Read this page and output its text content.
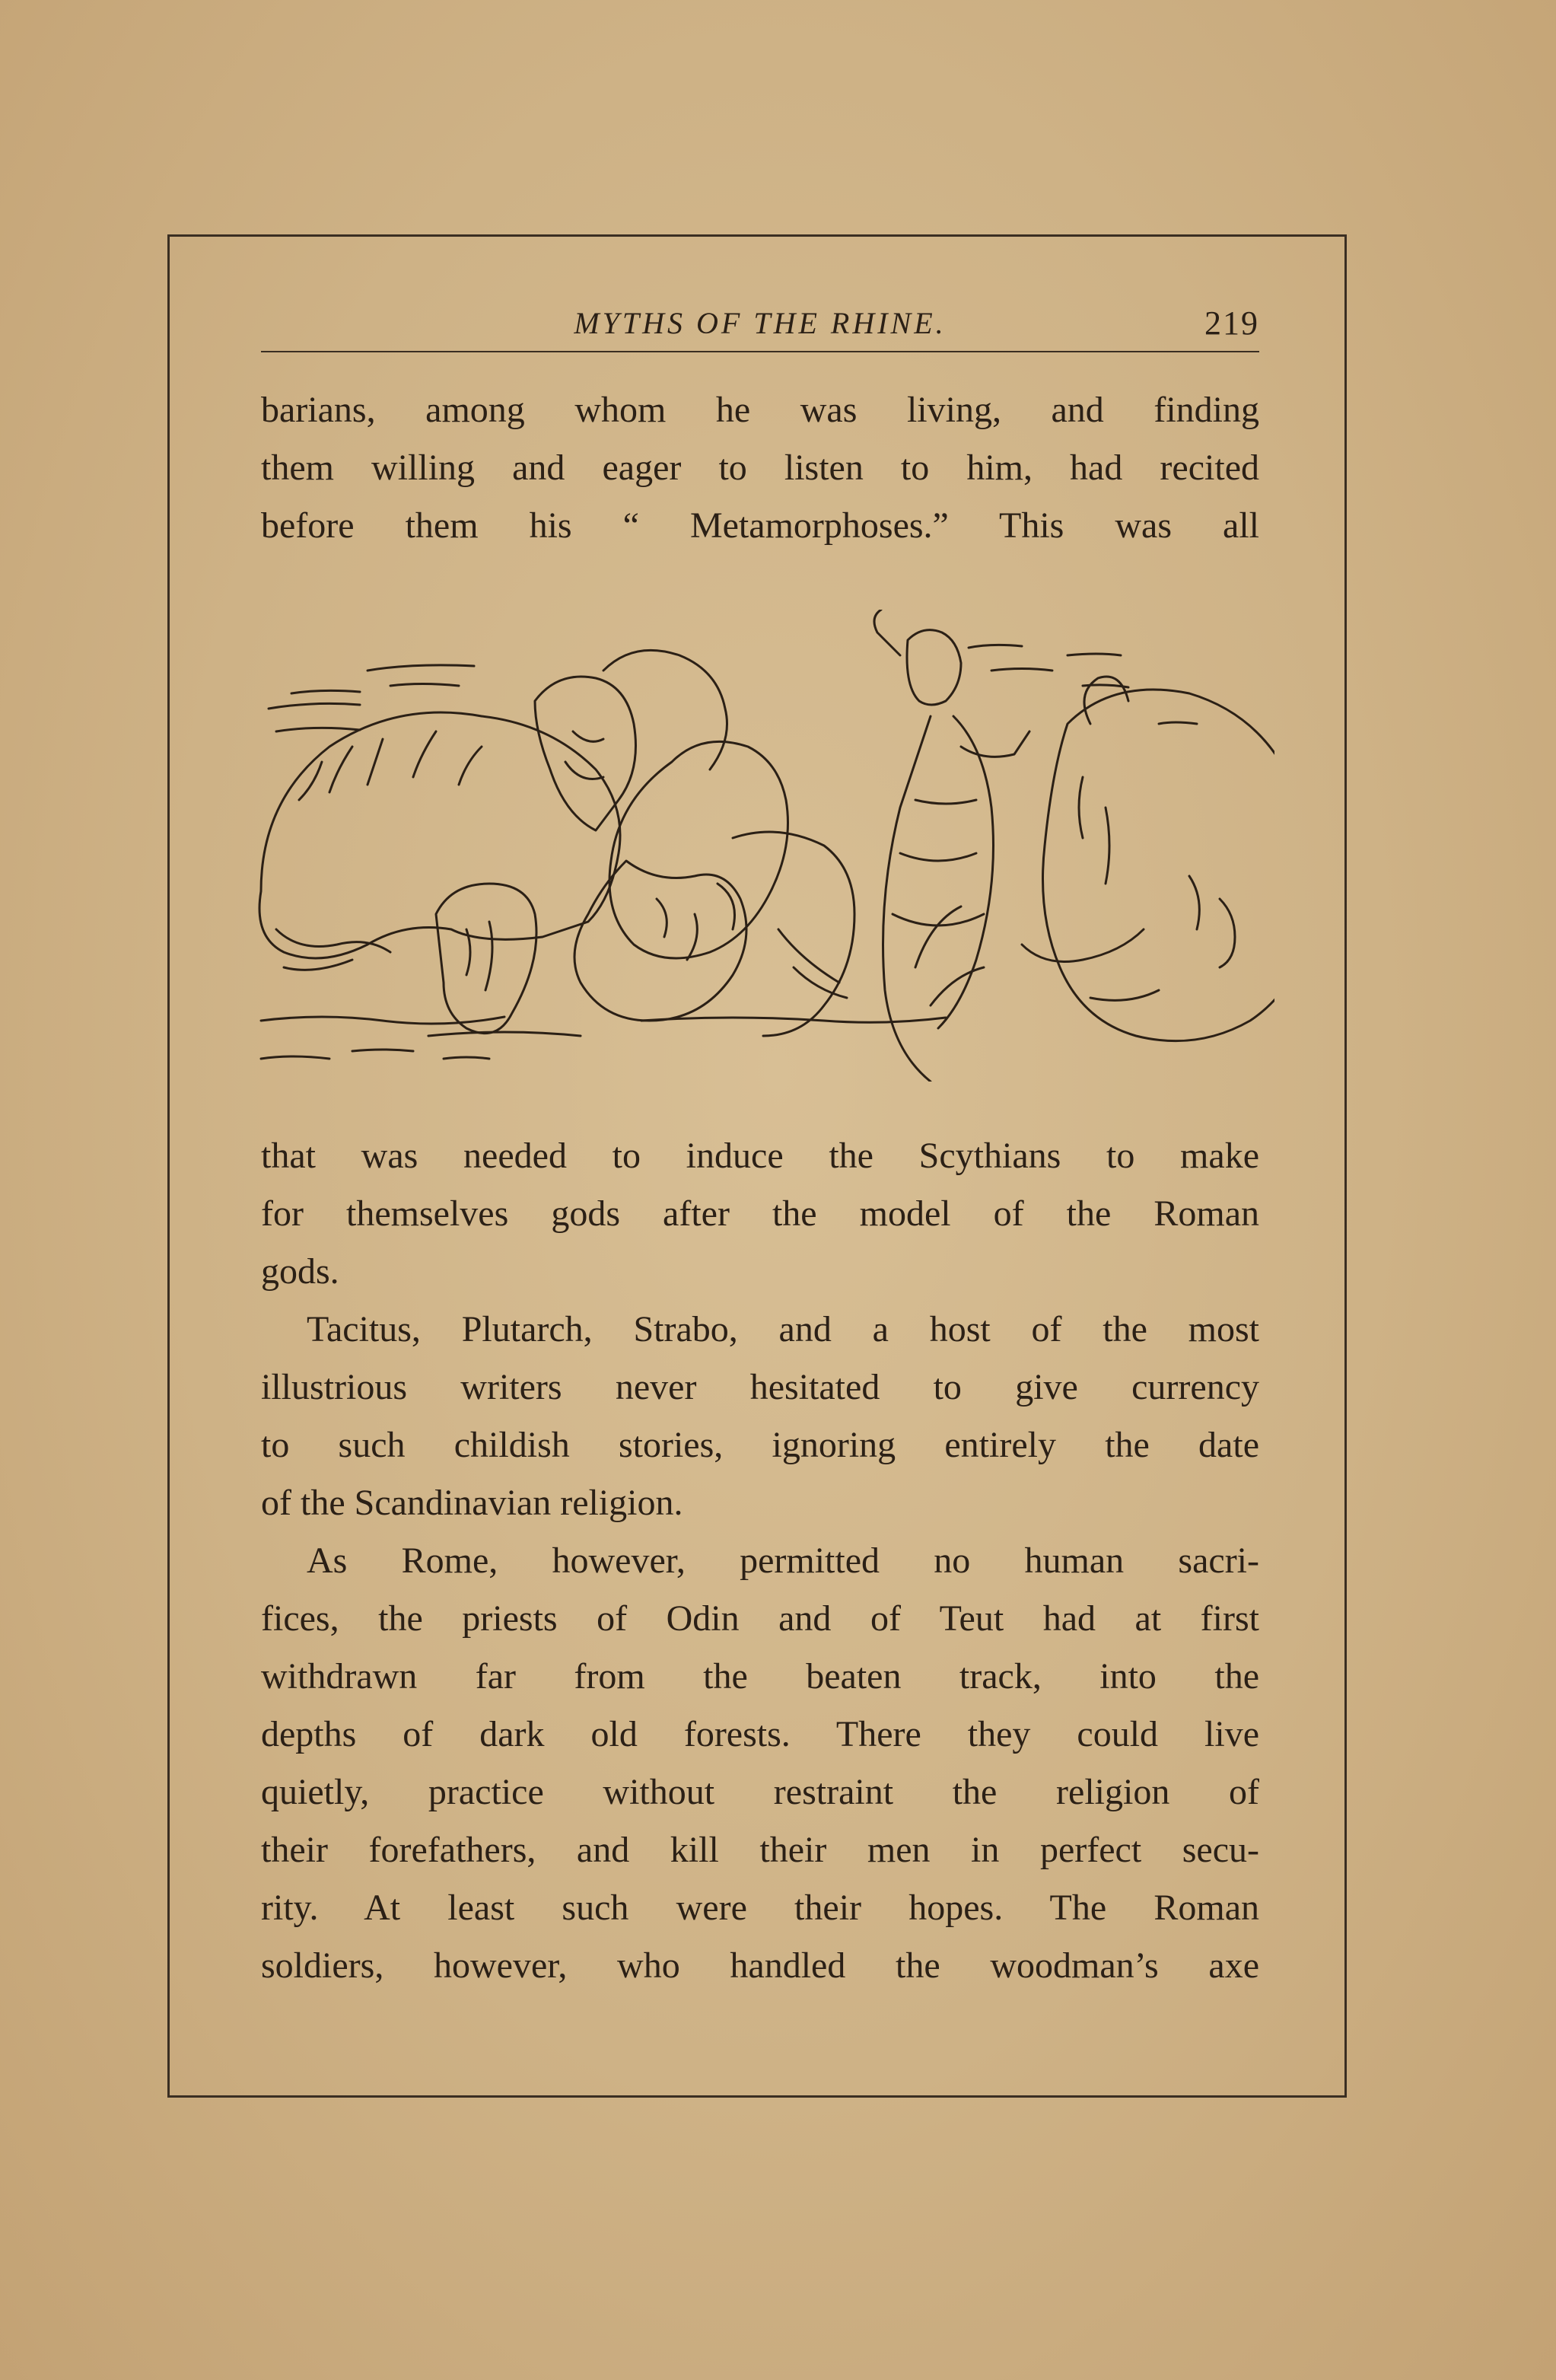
MYTHS OF THE RHINE.	219
barians, among whom he was living, and finding
them willing and eager to listen to him, had recited
before them his “ Metamorphoses.” This was all
that was needed to induce the Scythians to make
for themselves gods after the model of the Roman
gods.
Tacitus, Plutarch, Strabo, and a host of the most
illustrious writers never hesitated to give currency
to such childish stories, ignoring entirely the date
of the Scandinavian religion.
As Rome, however, permitted no human sacri-
fices, the priests of Odin and of Teut had at first
withdrawn far from the beaten track, into the
depths of dark old forests. There they could live
quietly, practice without restraint the religion of
their forefathers, and kill their men in perfect secu-
rity. At least such were their hopes. The Roman
soldiers, however, who handled the woodman’s axe
